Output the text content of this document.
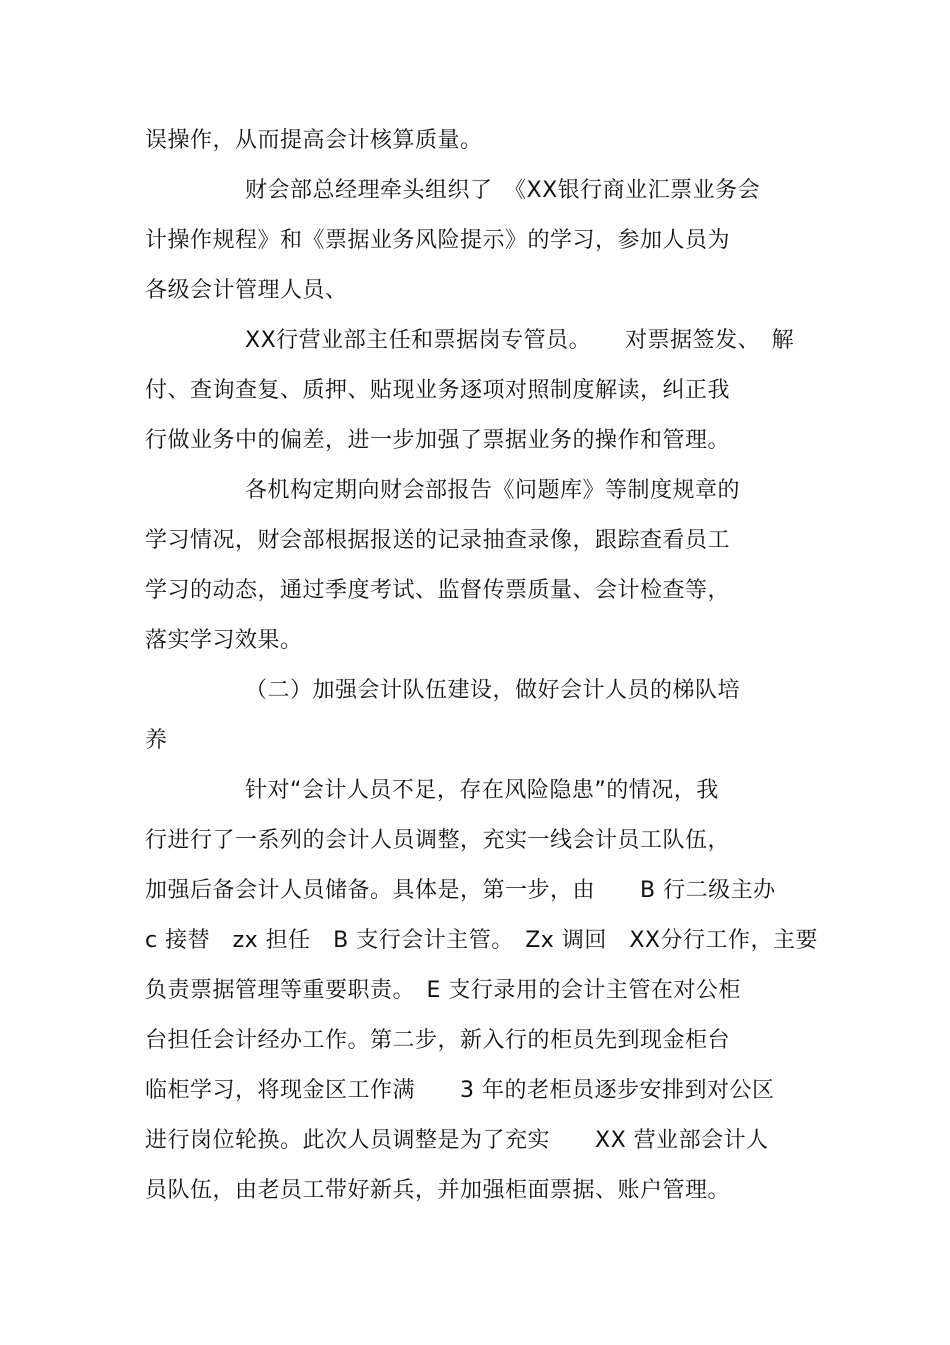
误操作，从而提高会计核算质量。
财会部总经理牵头组织了　《XX银行商业汇票业务会
计操作规程》和《票据业务风险提示》的学习，参加人员为
各级会计管理人员、
XX行营业部主任和票据岗专管员。　　对票据签发、　解
付、查询查复、质押、贴现业务逐项对照制度解读，纠正我
行做业务中的偏差，进一步加强了票据业务的操作和管理。
各机构定期向财会部报告《问题库》等制度规章的
学习情况，财会部根据报送的记录抽查录像，跟踪查看员工
学习的动态，通过季度考试、监督传票质量、会计检查等，
落实学习效果。
（二）加强会计队伍建设，做好会计人员的梯队培
养
针对“会计人员不足，存在风险隐患”的情况，我
行进行了一系列的会计人员调整，充实一线会计员工队伍，
加强后备会计人员储备。具体是，第一步，由　　B 行二级主办
c 接替　zx 担任　B 支行会计主管。　Zx 调回　XX分行工作，主要
负责票据管理等重要职责。　E 支行录用的会计主管在对公柜
台担任会计经办工作。第二步，新入行的柜员先到现金柜台
临柜学习，将现金区工作满　　3 年的老柜员逐步安排到对公区
进行岗位轮换。此次人员调整是为了充实　　XX 营业部会计人
员队伍，由老员工带好新兵，并加强柜面票据、账户管理。
